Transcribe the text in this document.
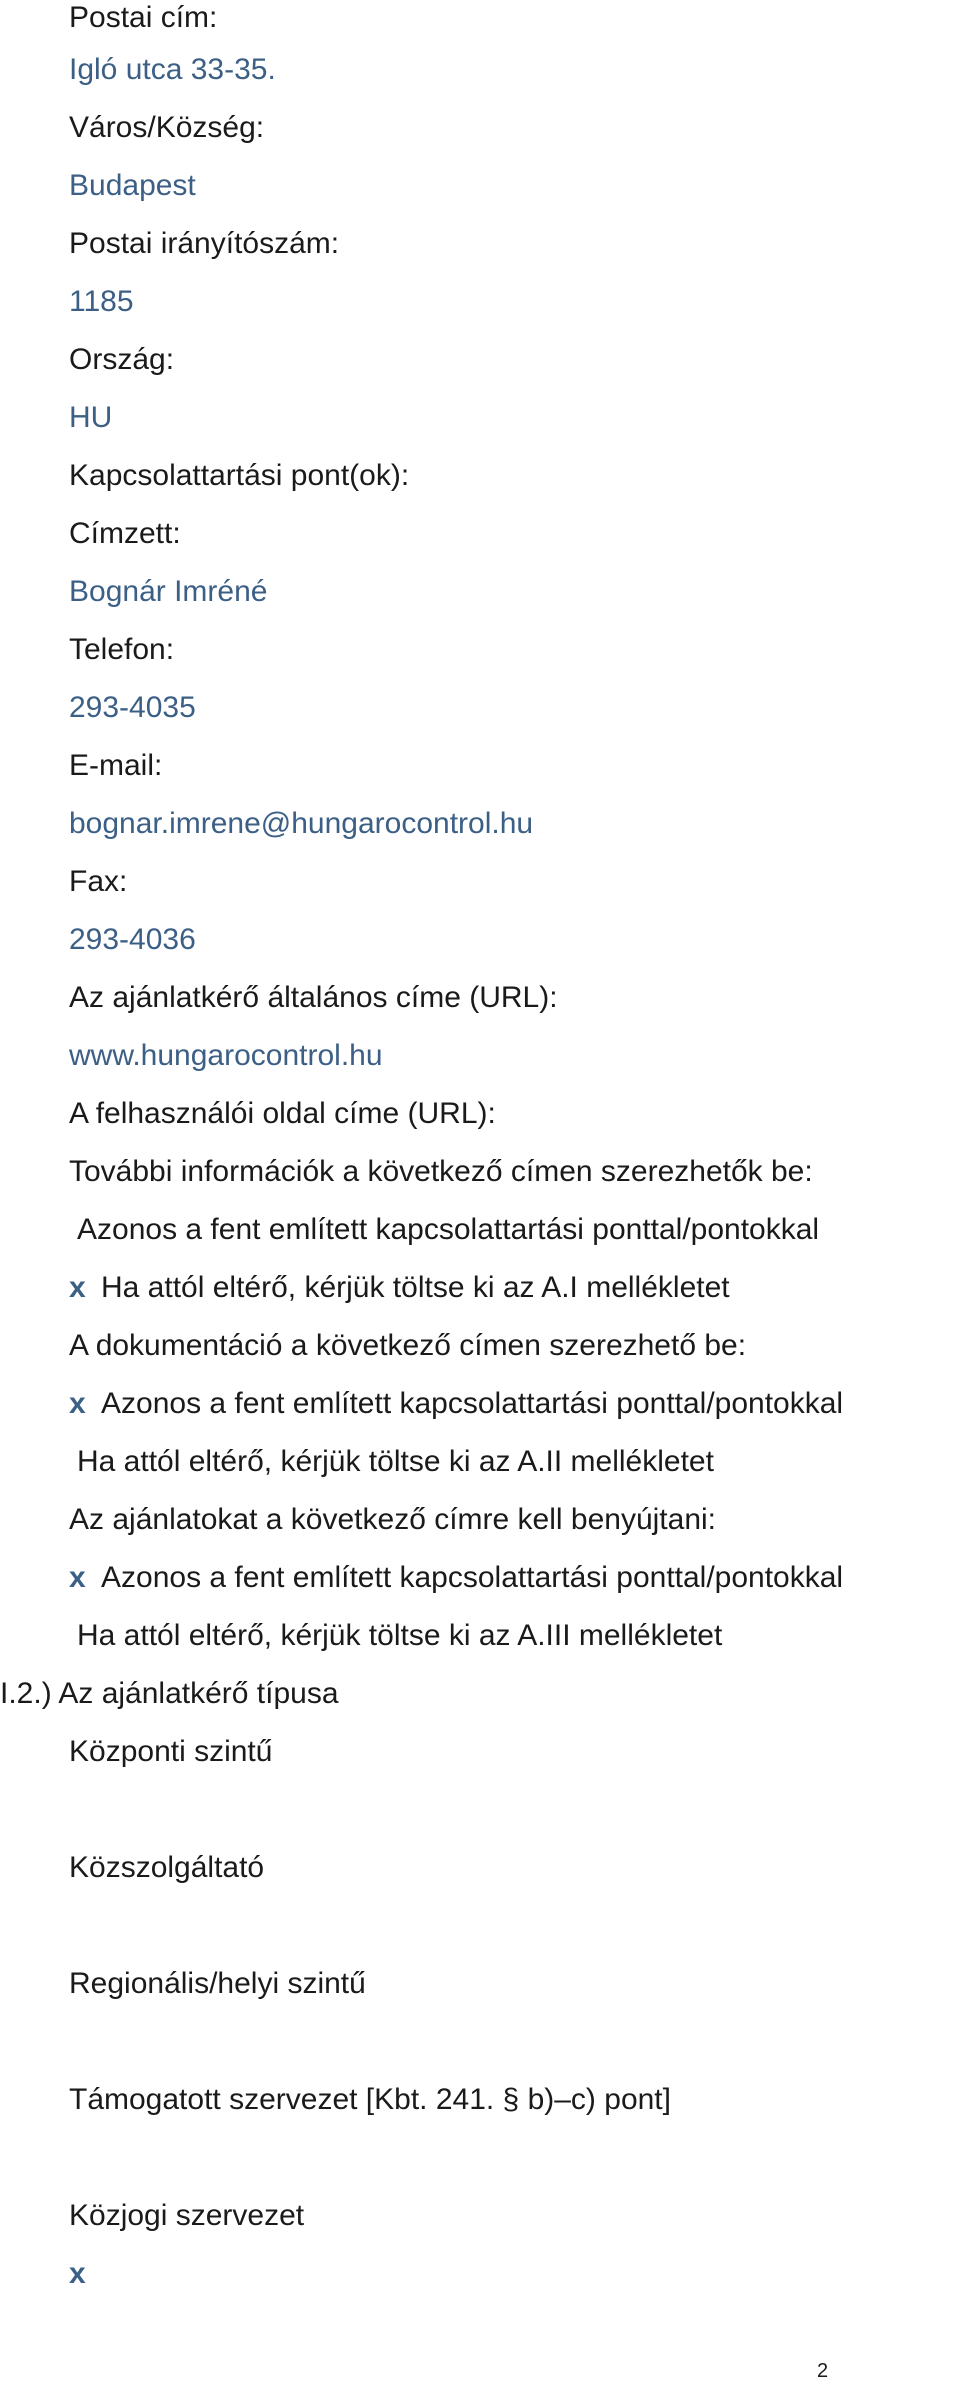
Postai cím:
Igló utca 33-35.
Város/Község:
Budapest
Postai irányítószám:
1185
Ország:
HU
Kapcsolattartási pont(ok):
Címzett:
Bognár Imréné
Telefon:
293-4035
E-mail:
bognar.imrene@hungarocontrol.hu
Fax:
293-4036
Az ajánlatkérő általános címe (URL):
www.hungarocontrol.hu
A felhasználói oldal címe (URL):
További információk a következő címen szerezhetők be:
Azonos a fent említett kapcsolattartási ponttal/pontokkal
x Ha attól eltérő, kérjük töltse ki az A.I mellékletet
A dokumentáció a következő címen szerezhető be:
x Azonos a fent említett kapcsolattartási ponttal/pontokkal
Ha attól eltérő, kérjük töltse ki az A.II mellékletet
Az ajánlatokat a következő címre kell benyújtani:
x Azonos a fent említett kapcsolattartási ponttal/pontokkal
Ha attól eltérő, kérjük töltse ki az A.III mellékletet
I.2.) Az ajánlatkérő típusa
Központi szintű
Közszolgáltató
Regionális/helyi szintű
Támogatott szervezet [Kbt. 241. § b)–c) pont]
Közjogi szervezet
x
2
